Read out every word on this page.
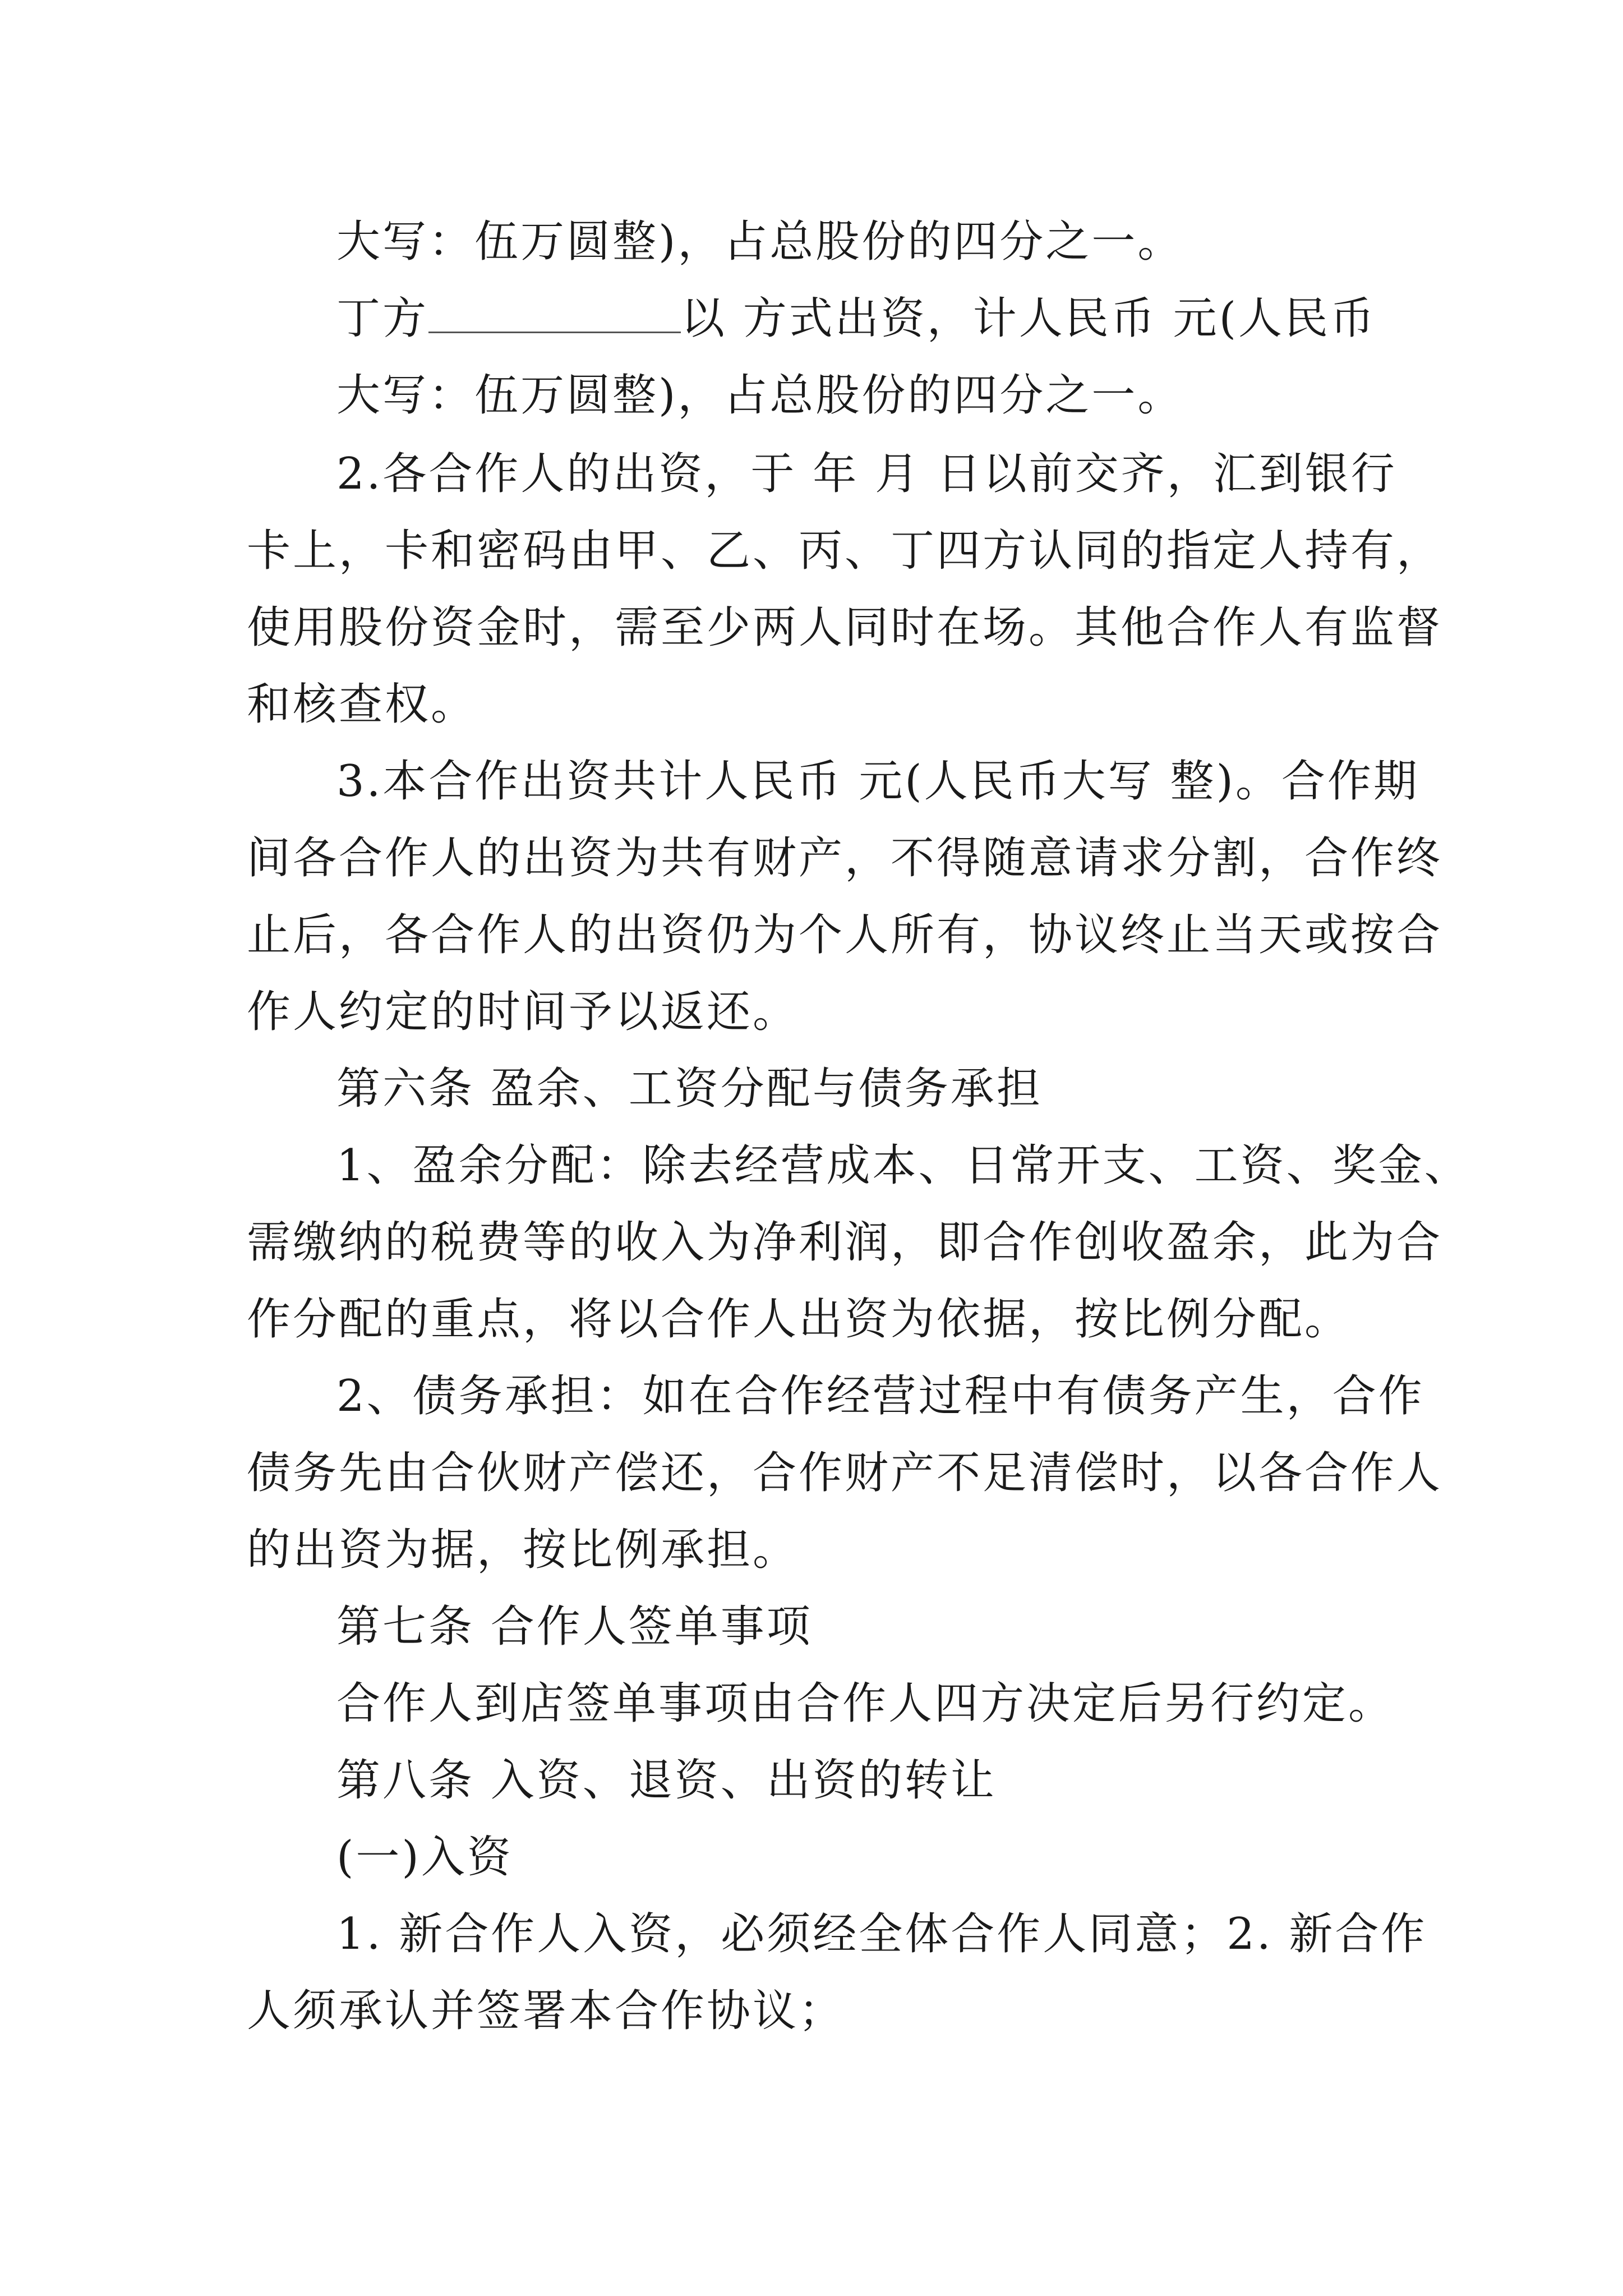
大写：伍万圆整)，占总股份的四分之一。
丁方	以 方式出资，计人民币 元(人民币
大写：伍万圆整)，占总股份的四分之一。
2.各合作人的出资，于 年 月 日以前交齐，汇到银行
卡上，卡和密码由甲、乙、丙、丁四方认同的指定人持有，
使用股份资金时，需至少两人同时在场。其他合作人有监督
和核查权。
3.本合作出资共计人民币 元(人民币大写 整)。合作期
间各合作人的出资为共有财产，不得随意请求分割，合作终
止后，各合作人的出资仍为个人所有，协议终止当天或按合
作人约定的时间予以返还。
第六条 盈余、工资分配与债务承担
1、盈余分配：除去经营成本、日常开支、工资、奖金、
需缴纳的税费等的收入为净利润，即合作创收盈余，此为合
作分配的重点，将以合作人出资为依据，按比例分配。
2、债务承担：如在合作经营过程中有债务产生，合作
债务先由合伙财产偿还，合作财产不足清偿时，以各合作人
的出资为据，按比例承担。
第七条 合作人签单事项
合作人到店签单事项由合作人四方决定后另行约定。
第八条 入资、退资、出资的转让
(一)入资
1. 新合作人入资，必须经全体合作人同意；2. 新合作
人须承认并签署本合作协议；
